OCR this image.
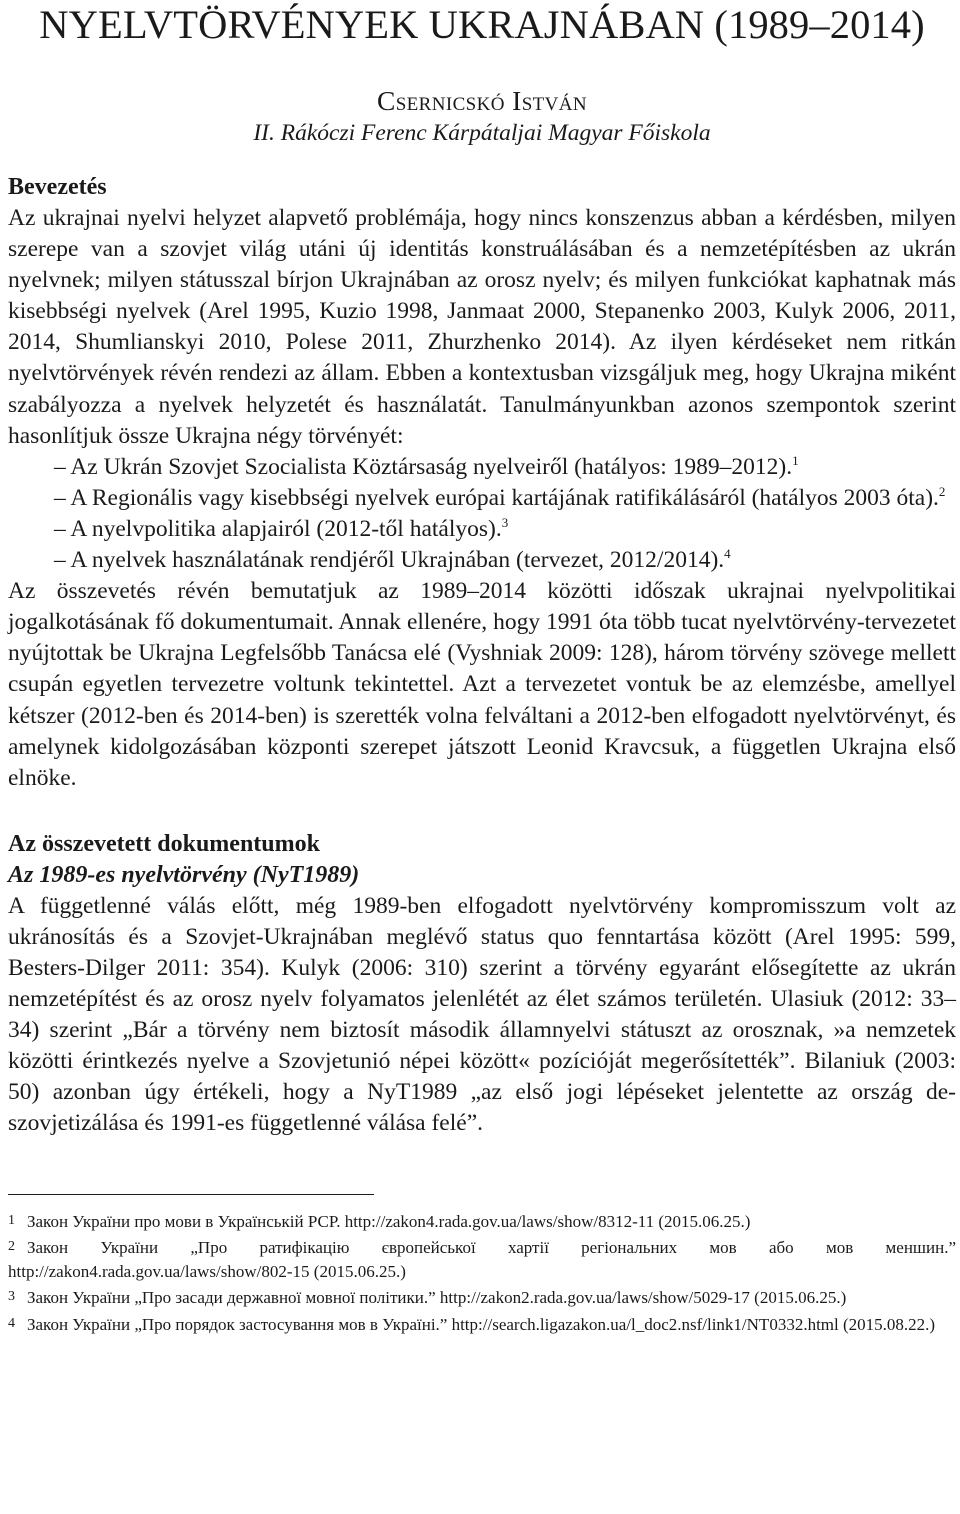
NYELVTÖRVÉNYEK UKRAJNÁBAN (1989–2014)
Csernicskó István
II. Rákóczi Ferenc Kárpátaljai Magyar Főiskola
Bevezetés

Az ukrajnai nyelvi helyzet alapvető problémája, hogy nincs konszenzus abban a kérdésben, milyen szerepe van a szovjet világ utáni új identitás konstruálásában és a nemzetépítésben az ukrán nyelvnek; milyen státusszal bírjon Ukrajnában az orosz nyelv; és milyen funkciókat kaphatnak más kisebbségi nyelvek (Arel 1995, Kuzio 1998, Janmaat 2000, Stepanenko 2003, Kulyk 2006, 2011, 2014, Shumlianskyi 2010, Polese 2011, Zhurzhenko 2014). Az ilyen kérdéseket nem ritkán nyelvtörvények révén rendezi az állam. Ebben a kontextusban vizsgáljuk meg, hogy Ukrajna miként szabályozza a nyelvek helyzetét és használatát. Tanulmányunkban azonos szempontok szerint hasonlítjuk össze Ukrajna négy törvényét:

– Az Ukrán Szovjet Szocialista Köztársaság nyelveiről (hatályos: 1989–2012).$^1$
– A Regionális vagy kisebbségi nyelvek európai kartájának ratifikálásáról (hatályos 2003 óta).$^2$
– A nyelvpolitika alapjairól (2012-től hatályos).$^3$
– A nyelvek használatának rendjéről Ukrajnában (tervezet, 2012/2014).$^4$

Az összevetés révén bemutatjuk az 1989–2014 közötti időszak ukrajnai nyelvpolitikai jogalkotásának fő dokumentumait. Annak ellenére, hogy 1991 óta több tucat nyelvtörvény-tervezetet nyújtottak be Ukrajna Legfelsőbb Tanácsa elé (Vyshniak 2009: 128), három törvény szövege mellett csupán egyetlen tervezetre voltunk tekintettel. Azt a tervezetet vontuk be az elemzésbe, amellyel kétszer (2012-ben és 2014-ben) is szerették volna felváltani a 2012-ben elfogadott nyelvtörvényt, és amelynek kidolgozásában központi szerepet játszott Leonid Kravcsuk, a független Ukrajna első elnöke.

Az összevetett dokumentumok
Az 1989-es nyelvtörvény (NyT1989)

A függetlenné válás előtt, még 1989-ben elfogadott nyelvtörvény kompromisszum volt az ukránosítás és a Szovjet-Ukrajnában meglévő status quo fenntartása között (Arel 1995: 599, Besters-Dilger 2011: 354). Kulyk (2006: 310) szerint a törvény egyaránt elősegítette az ukrán nemzetépítést és az orosz nyelv folyamatos jelenlétét az élet számos területén. Ulasiuk (2012: 33–34) szerint „Bár a törvény nem biztosít második államnyelvi státuszt az orosznak, »a nemzetek közötti érintkezés nyelve a Szovjetunió népei között« pozícióját megerősítették”. Bilaniuk (2003: 50) azonban úgy értékeli, hogy a NyT1989 „az első jogi lépéseket jelentette az ország de-szovjetizálása és 1991-es függetlenné válása felé”.

1 Закон України про мови в Українській РСР. http://zakon4.rada.gov.ua/laws/show/8312-11 (2015.06.25.)
2 Закон України „Про ратифікацію європейської хартії регіональних мов або мов меншин.” http://zakon4.rada.gov.ua/laws/show/802-15 (2015.06.25.)
3 Закон України „Про засади державної мовної політики.” http://zakon2.rada.gov.ua/laws/show/5029-17 (2015.06.25.)
4 Закон України „Про порядок застосування мов в Україні.” http://search.ligazakon.ua/l_doc2.nsf/link1/NT0332.html (2015.08.22.)
